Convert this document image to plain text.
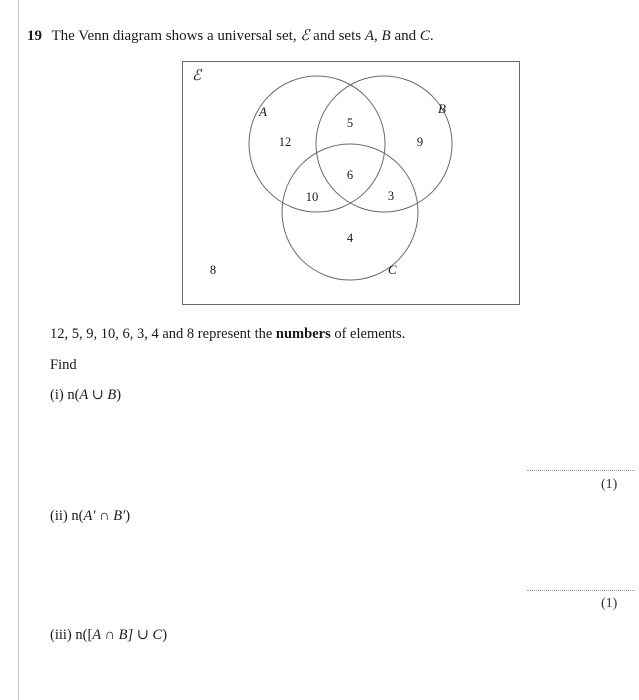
19 The Venn diagram shows a universal set, ℰ and sets A, B and C.
ℰ
A	B
C
12
5
9
10
6
3
4
8
12, 5, 9, 10, 6, 3, 4 and 8 represent the numbers of elements.
Find
(i) n(A ∪ B)
(1)
(ii) n(A′ ∩ B′)
(1)
(iii) n([A ∩ B] ∪ C)
